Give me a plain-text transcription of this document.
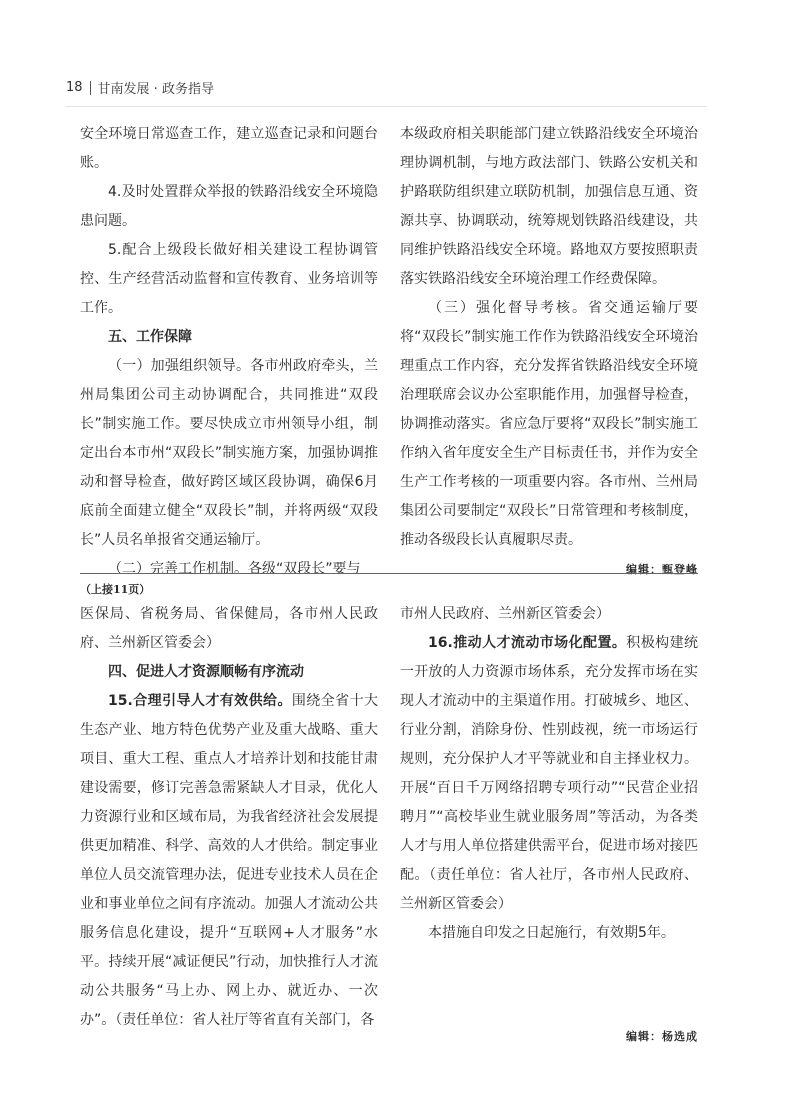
18 甘南发展 · 政务指导

安全环境日常巡查工作，建立巡查记录和问题台账。

4.及时处置群众举报的铁路沿线安全环境隐患问题。

5.配合上级段长做好相关建设工程协调管控、生产经营活动监督和宣传教育、业务培训等工作。

五、工作保障

（一）加强组织领导。各市州政府牵头，兰州局集团公司主动协调配合，共同推进“双段长”制实施工作。要尽快成立市州领导小组，制定出台本市州“双段长”制实施方案，加强协调推动和督导检查，做好跨区域区段协调，确保6月底前全面建立健全“双段长”制，并将两级“双段长”人员名单报省交通运输厅。

（二）完善工作机制。各级“双段长”要与

本级政府相关职能部门建立铁路沿线安全环境治理协调机制，与地方政法部门、铁路公安机关和护路联防组织建立联防机制，加强信息互通、资源共享、协调联动，统筹规划铁路沿线建设，共同维护铁路沿线安全环境。路地双方要按照职责落实铁路沿线安全环境治理工作经费保障。

（三）强化督导考核。省交通运输厅要将“双段长”制实施工作作为铁路沿线安全环境治理重点工作内容，充分发挥省铁路沿线安全环境治理联席会议办公室职能作用，加强督导检查，协调推动落实。省应急厅要将“双段长”制实施工作纳入省年度安全生产目标责任书，并作为安全生产工作考核的一项重要内容。各市州、兰州局集团公司要制定“双段长”日常管理和考核制度，推动各级段长认真履职尽责。

编辑：甄登峰
（上接11页）

医保局、省税务局、省保健局，各市州人民政府、兰州新区管委会）

四、促进人才资源顺畅有序流动

15.合理引导人才有效供给。围绕全省十大生态产业、地方特色优势产业及重大战略、重大项目、重大工程、重点人才培养计划和技能甘肃建设需要，修订完善急需紧缺人才目录，优化人力资源行业和区域布局，为我省经济社会发展提供更加精准、科学、高效的人才供给。制定事业单位人员交流管理办法，促进专业技术人员在企业和事业单位之间有序流动。加强人才流动公共服务信息化建设，提升“互联网+人才服务”水平。持续开展“减证便民”行动，加快推行人才流动公共服务“马上办、网上办、就近办、一次办”。（责任单位：省人社厅等省直有关部门，各

市州人民政府、兰州新区管委会）

16.推动人才流动市场化配置。积极构建统一开放的人力资源市场体系，充分发挥市场在实现人才流动中的主渠道作用。打破城乡、地区、行业分割，消除身份、性别歧视，统一市场运行规则，充分保护人才平等就业和自主择业权力。开展“百日千万网络招聘专项行动”“民营企业招聘月”“高校毕业生就业服务周”等活动，为各类人才与用人单位搭建供需平台，促进市场对接匹配。（责任单位：省人社厅，各市州人民政府、兰州新区管委会）

本措施自印发之日起施行，有效期5年。

编辑：杨选成
